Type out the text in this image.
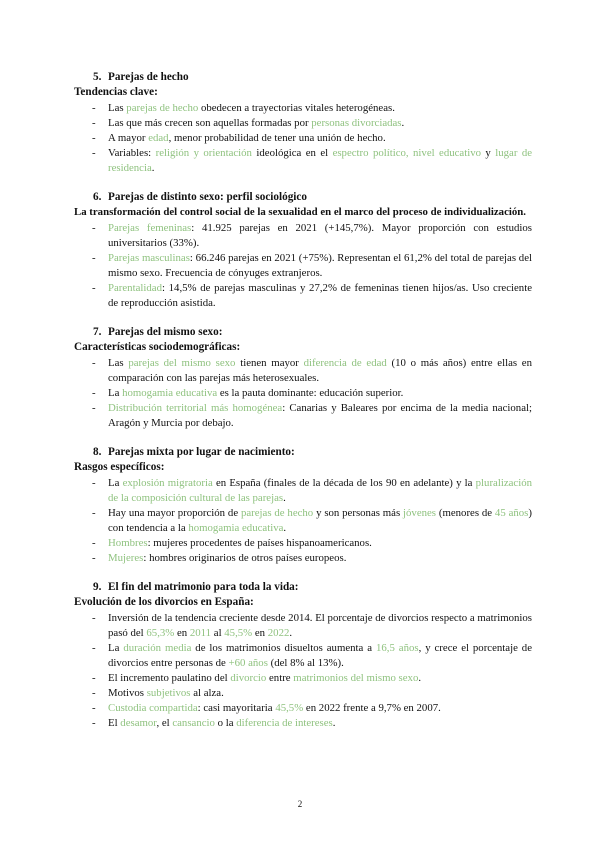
5. Parejas de hecho
Tendencias clave:
- Las parejas de hecho obedecen a trayectorias vitales heterogéneas.
- Las que más crecen son aquellas formadas por personas divorciadas.
- A mayor edad, menor probabilidad de tener una unión de hecho.
- Variables: religión y orientación ideológica en el espectro político, nivel educativo y lugar de residencia.
6. Parejas de distinto sexo: perfil sociológico
La transformación del control social de la sexualidad en el marco del proceso de individualización.
- Parejas femeninas: 41.925 parejas en 2021 (+145,7%). Mayor proporción con estudios universitarios (33%).
- Parejas masculinas: 66.246 parejas en 2021 (+75%). Representan el 61,2% del total de parejas del mismo sexo. Frecuencia de cónyuges extranjeros.
- Parentalidad: 14,5% de parejas masculinas y 27,2% de femeninas tienen hijos/as. Uso creciente de reproducción asistida.
7. Parejas del mismo sexo:
Características sociodemográficas:
- Las parejas del mismo sexo tienen mayor diferencia de edad (10 o más años) entre ellas en comparación con las parejas más heterosexuales.
- La homogamia educativa es la pauta dominante: educación superior.
- Distribución territorial más homogénea: Canarias y Baleares por encima de la media nacional; Aragón y Murcia por debajo.
8. Parejas mixta por lugar de nacimiento:
Rasgos específicos:
- La explosión migratoria en España (finales de la década de los 90 en adelante) y la pluralización de la composición cultural de las parejas.
- Hay una mayor proporción de parejas de hecho y son personas más jóvenes (menores de 45 años) con tendencia a la homogamia educativa.
- Hombres: mujeres procedentes de países hispanoamericanos.
- Mujeres: hombres originarios de otros países europeos.
9. El fin del matrimonio para toda la vida:
Evolución de los divorcios en España:
- Inversión de la tendencia creciente desde 2014. El porcentaje de divorcios respecto a matrimonios pasó del 65,3% en 2011 al 45,5% en 2022.
- La duración media de los matrimonios disueltos aumenta a 16,5 años, y crece el porcentaje de divorcios entre personas de +60 años (del 8% al 13%).
- El incremento paulatino del divorcio entre matrimonios del mismo sexo.
- Motivos subjetivos al alza.
- Custodia compartida: casi mayoritaria 45,5% en 2022 frente a 9,7% en 2007.
- El desamor, el cansancio o la diferencia de intereses.
2
